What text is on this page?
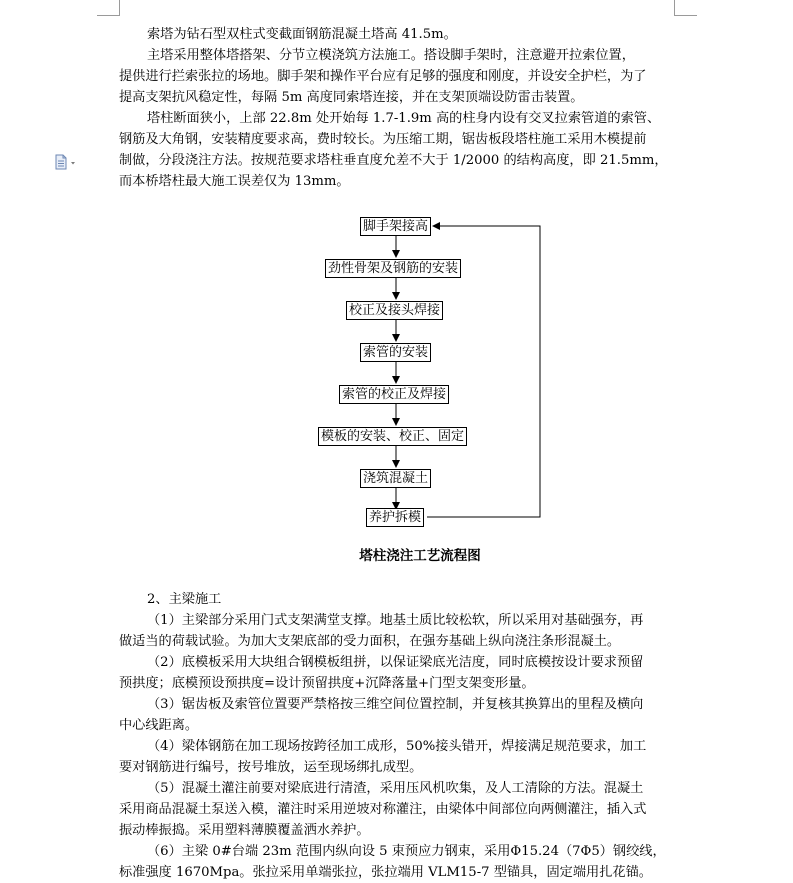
索塔为钻石型双柱式变截面钢筋混凝土塔高 41.5m。
主塔采用整体塔搭架、分节立模浇筑方法施工。搭设脚手架时，注意避开拉索位置，
提供进行拦索张拉的场地。脚手架和操作平台应有足够的强度和刚度，并设安全护栏，为了
提高支架抗风稳定性，每隔 5m 高度同索塔连接，并在支架顶端设防雷击装置。
塔柱断面狭小，上部 22.8m 处开始每 1.7-1.9m 高的柱身内设有交叉拉索管道的索管、
钢筋及大角钢，安装精度要求高，费时较长。为压缩工期，锯齿板段塔柱施工采用木模提前
制做，分段浇注方法。按规范要求塔柱垂直度允差不大于 1/2000 的结构高度，即 21.5mm，
而本桥塔柱最大施工误差仅为 13mm。
脚手架接高
劲性骨架及钢筋的安装
校正及接头焊接
索管的安装
索管的校正及焊接
模板的安装、校正、固定
浇筑混凝土
养护拆模
塔柱浇注工艺流程图
2、主梁施工
（1）主梁部分采用门式支架满堂支撑。地基土质比较松软，所以采用对基础强夯，再
做适当的荷载试验。为加大支架底部的受力面积，在强夯基础上纵向浇注条形混凝土。
（2）底模板采用大块组合钢模板组拼，以保证梁底光洁度，同时底模按设计要求预留
预拱度；底模预设预拱度=设计预留拱度+沉降落量+门型支架变形量。
（3）锯齿板及索管位置要严禁格按三维空间位置控制，并复核其换算出的里程及横向
中心线距离。
（4）梁体钢筋在加工现场按跨径加工成形，50%接头错开，焊接满足规范要求，加工
要对钢筋进行编号，按号堆放，运至现场绑扎成型。
（5）混凝土灌注前要对梁底进行清渣，采用压风机吹集，及人工清除的方法。混凝土
采用商品混凝土泵送入模，灌注时采用逆坡对称灌注，由梁体中间部位向两侧灌注，插入式
振动棒振捣。采用塑料薄膜覆盖洒水养护。
（6）主梁 0#台端 23m 范围内纵向设 5 束预应力钢束，采用Φ15.24（7Φ5）钢绞线，
标准强度 1670Mpa。张拉采用单端张拉，张拉端用 VLM15-7 型锚具，固定端用扎花锚。
